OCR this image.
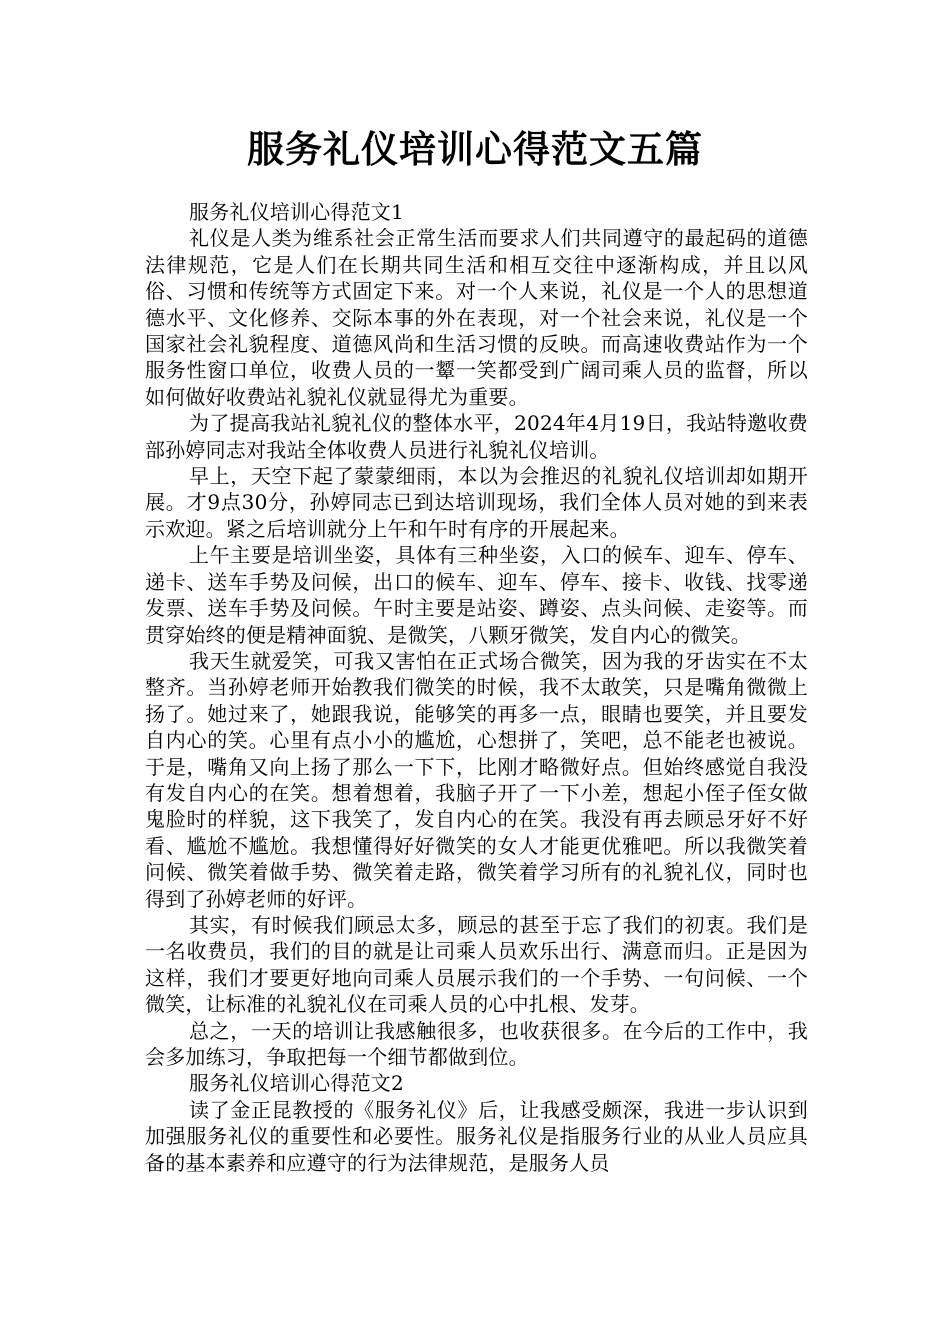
服务礼仪培训心得范文五篇

服务礼仪培训心得范文1

礼仪是人类为维系社会正常生活而要求人们共同遵守的最起码的道德法律规范，它是人们在长期共同生活和相互交往中逐渐构成，并且以风俗、习惯和传统等方式固定下来。对一个人来说，礼仪是一个人的思想道德水平、文化修养、交际本事的外在表现，对一个社会来说，礼仪是一个国家社会礼貌程度、道德风尚和生活习惯的反映。而高速收费站作为一个服务性窗口单位，收费人员的一颦一笑都受到广阔司乘人员的监督，所以如何做好收费站礼貌礼仪就显得尤为重要。

为了提高我站礼貌礼仪的整体水平，2024年4月19日，我站特邀收费部孙婷同志对我站全体收费人员进行礼貌礼仪培训。

早上，天空下起了蒙蒙细雨，本以为会推迟的礼貌礼仪培训却如期开展。才9点30分，孙婷同志已到达培训现场，我们全体人员对她的到来表示欢迎。紧之后培训就分上午和午时有序的开展起来。

上午主要是培训坐姿，具体有三种坐姿，入口的候车、迎车、停车、递卡、送车手势及问候，出口的候车、迎车、停车、接卡、收钱、找零递发票、送车手势及问候。午时主要是站姿、蹲姿、点头问候、走姿等。而贯穿始终的便是精神面貌、是微笑，八颗牙微笑，发自内心的微笑。

我天生就爱笑，可我又害怕在正式场合微笑，因为我的牙齿实在不太整齐。当孙婷老师开始教我们微笑的时候，我不太敢笑，只是嘴角微微上扬了。她过来了，她跟我说，能够笑的再多一点，眼睛也要笑，并且要发自内心的笑。心里有点小小的尴尬，心想拼了，笑吧，总不能老也被说。于是，嘴角又向上扬了那么一下下，比刚才略微好点。但始终感觉自我没有发自内心的在笑。想着想着，我脑子开了一下小差，想起小侄子侄女做鬼脸时的样貌，这下我笑了，发自内心的在笑。我没有再去顾忌牙好不好看、尴尬不尴尬。我想懂得好好微笑的女人才能更优雅吧。所以我微笑着问候、微笑着做手势、微笑着走路，微笑着学习所有的礼貌礼仪，同时也得到了孙婷老师的好评。

其实，有时候我们顾忌太多，顾忌的甚至于忘了我们的初衷。我们是一名收费员，我们的目的就是让司乘人员欢乐出行、满意而归。正是因为这样，我们才要更好地向司乘人员展示我们的一个手势、一句问候、一个微笑，让标准的礼貌礼仪在司乘人员的心中扎根、发芽。

总之，一天的培训让我感触很多，也收获很多。在今后的工作中，我会多加练习，争取把每一个细节都做到位。

服务礼仪培训心得范文2

读了金正昆教授的《服务礼仪》后，让我感受颇深，我进一步认识到加强服务礼仪的重要性和必要性。服务礼仪是指服务行业的从业人员应具备的基本素养和应遵守的行为法律规范，是服务人员
